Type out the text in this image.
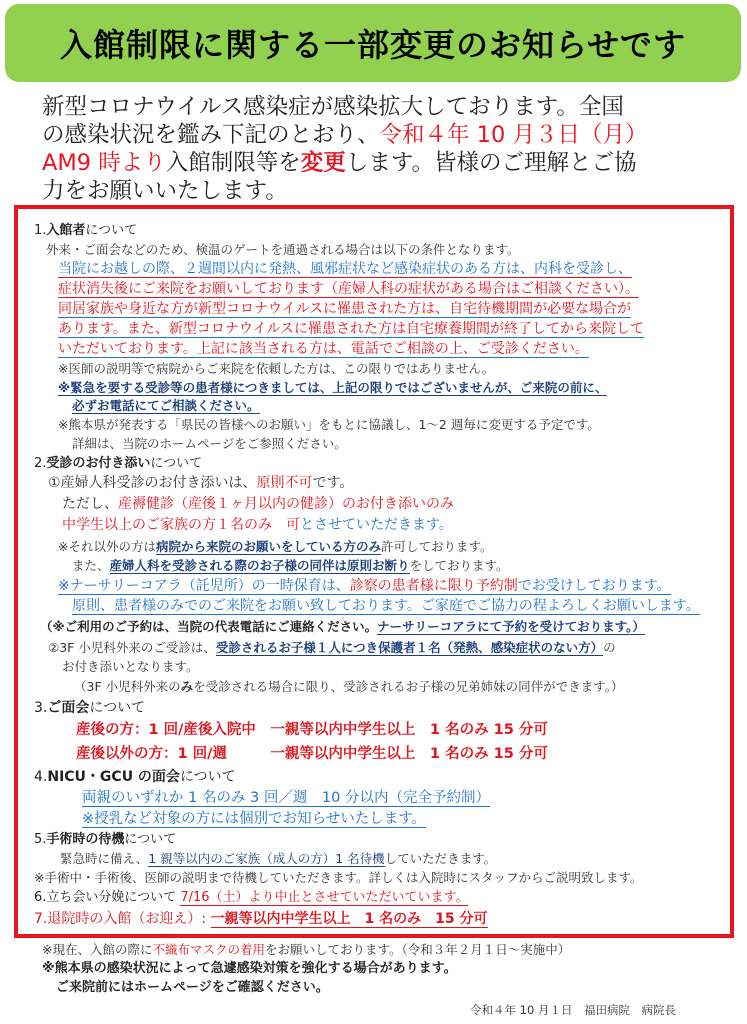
入館制限に関する一部変更のお知らせです
新型コロナウイルス感染症が感染拡大しております。全国
の感染状況を鑑み下記のとおり、令和４年 10 月３日（月）
AM9 時より入館制限等を変更します。皆様のご理解とご協
力をお願いいたします。
1.入館者について
外来・ご面会などのため、検温のゲートを通過される場合は以下の条件となります。
当院にお越しの際、２週間以内に発熱、風邪症状など感染症状のある方は、内科を受診し、
症状消失後にご来院をお願いしております（産婦人科の症状がある場合はご相談ください）。
同居家族や身近な方が新型コロナウイルスに罹患された方は、自宅待機期間が必要な場合が
あります。また、新型コロナウイルスに罹患された方は自宅療養期間が終了してから来院して
いただいております。上記に該当される方は、電話でご相談の上、ご受診ください。
※医師の説明等で病院からご来院を依頼した方は、この限りではありません。
※緊急を要する受診等の患者様につきましては、上記の限りではございませんが、ご来院の前に、
必ずお電話にてご相談ください。
※熊本県が発表する「県民の皆様へのお願い」をもとに協議し、1～2 週毎に変更する予定です。
詳細は、当院のホームページをご参照ください。
2.受診のお付き添いについて
①産婦人科受診のお付き添いは、原則不可です。
ただし、産褥健診（産後１ヶ月以内の健診）のお付き添いのみ
中学生以上のご家族の方１名のみ　可とさせていただきます。
※それ以外の方は病院から来院のお願いをしている方のみ許可しております。
また、産婦人科を受診される際のお子様の同伴は原則お断りをしております。
※ナーサリーコアラ（託児所）の一時保育は、診察の患者様に限り予約制でお受けしております。
原則、患者様のみでのご来院をお願い致しております。ご家庭でご協力の程よろしくお願いします。
（※ご利用のご予約は、当院の代表電話にご連絡ください。ナーサリーコアラにて予約を受けております。）
②3F 小児科外来のご受診は、受診されるお子様１人につき保護者１名（発熱、感染症状のない方）の
お付き添いとなります。
（3F 小児科外来のみを受診される場合に限り、受診されるお子様の兄弟姉妹の同伴ができます。）
3.ご面会について
産後の方：1 回/産後入院中　一親等以内中学生以上　1 名のみ 15 分可
産後以外の方：1 回/週　　　一親等以内中学生以上　1 名のみ 15 分可
4.NICU・GCU の面会について
両親のいずれか 1 名のみ 3 回／週　10 分以内（完全予約制）
※授乳など対象の方には個別でお知らせいたします。
5.手術時の待機について
緊急時に備え、1 親等以内のご家族（成人の方）1 名待機していただきます。
※手術中・手術後、医師の説明まで待機していただきます。詳しくは入院時にスタッフからご説明致します。
6.立ち会い分娩について 7/16（土）より中止とさせていただいています。
7.退院時の入館（お迎え）: 一親等以内中学生以上　1 名のみ　15 分可
※現在、入館の際に不織布マスクの着用をお願いしております。（令和３年２月１日～実施中）
※熊本県の感染状況によって急遽感染対策を強化する場合があります。
ご来院前にはホームページをご確認ください。
令和４年 10 月１日　福田病院　病院長
